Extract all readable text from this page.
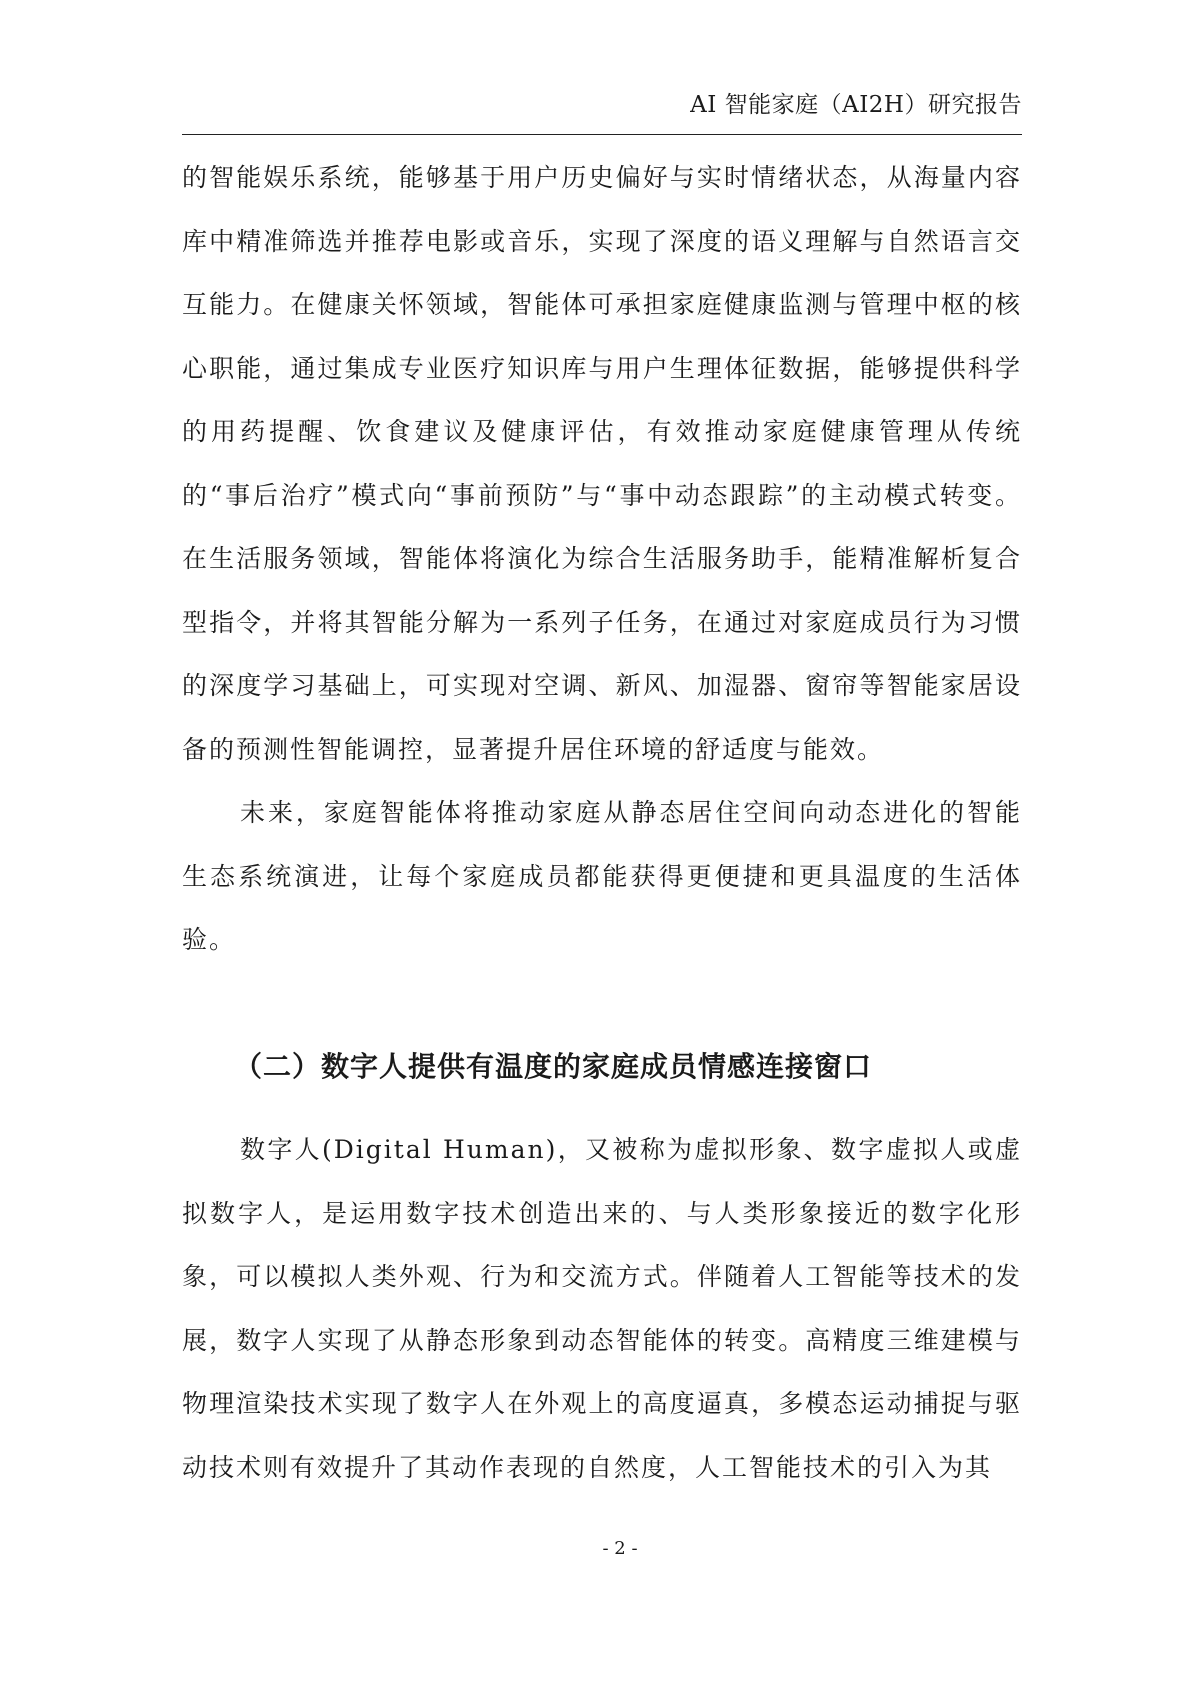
AI 智能家庭（AI2H）研究报告

的智能娱乐系统，能够基于用户历史偏好与实时情绪状态，从海量内容库中精准筛选并推荐电影或音乐，实现了深度的语义理解与自然语言交互能力。在健康关怀领域，智能体可承担家庭健康监测与管理中枢的核心职能，通过集成专业医疗知识库与用户生理体征数据，能够提供科学的用药提醒、饮食建议及健康评估，有效推动家庭健康管理从传统的“事后治疗”模式向“事前预防”与“事中动态跟踪”的主动模式转变。在生活服务领域，智能体将演化为综合生活服务助手，能精准解析复合型指令，并将其智能分解为一系列子任务，在通过对家庭成员行为习惯的深度学习基础上，可实现对空调、新风、加湿器、窗帘等智能家居设备的预测性智能调控，显著提升居住环境的舒适度与能效。

未来，家庭智能体将推动家庭从静态居住空间向动态进化的智能生态系统演进，让每个家庭成员都能获得更便捷和更具温度的生活体验。

（二）数字人提供有温度的家庭成员情感连接窗口

数字人(Digital Human)，又被称为虚拟形象、数字虚拟人或虚拟数字人，是运用数字技术创造出来的、与人类形象接近的数字化形象，可以模拟人类外观、行为和交流方式。伴随着人工智能等技术的发展，数字人实现了从静态形象到动态智能体的转变。高精度三维建模与物理渲染技术实现了数字人在外观上的高度逼真，多模态运动捕捉与驱动技术则有效提升了其动作表现的自然度，人工智能技术的引入为其

- 2 -
